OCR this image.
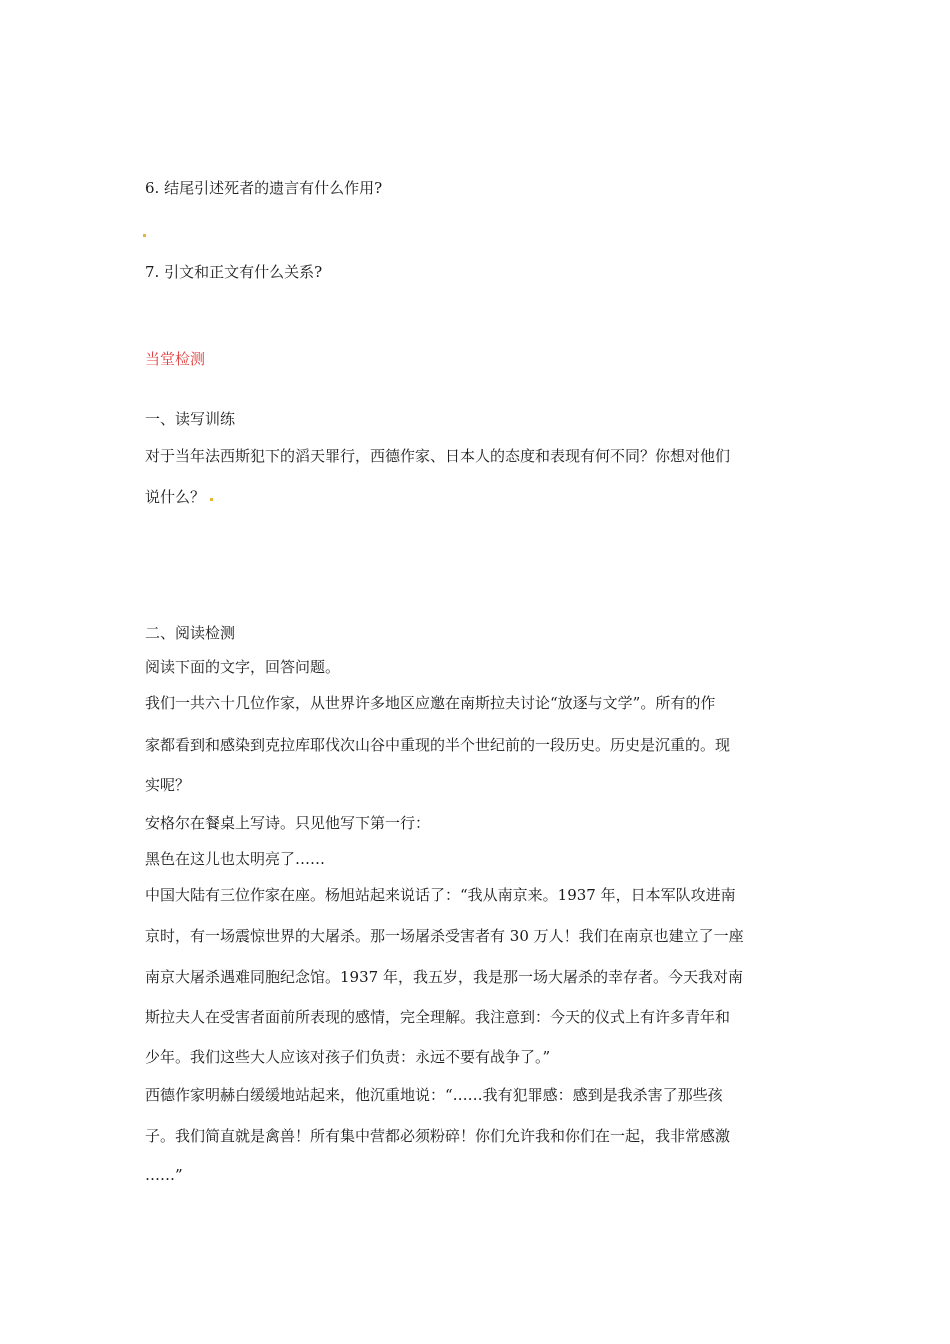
6. 结尾引述死者的遗言有什么作用?
7. 引文和正文有什么关系?
当堂检测
一、读写训练
对于当年法西斯犯下的滔天罪行，西德作家、日本人的态度和表现有何不同？你想对他们
说什么？
二、阅读检测
阅读下面的文字，回答问题。
我们一共六十几位作家，从世界许多地区应邀在南斯拉夫讨论“放逐与文学”。所有的作
家都看到和感染到克拉库耶伐次山谷中重现的半个世纪前的一段历史。历史是沉重的。现
实呢？
安格尔在餐桌上写诗。只见他写下第一行：
黑色在这儿也太明亮了……
中国大陆有三位作家在座。杨旭站起来说话了：“我从南京来。1937 年，日本军队攻进南
京时，有一场震惊世界的大屠杀。那一场屠杀受害者有 30 万人！我们在南京也建立了一座
南京大屠杀遇难同胞纪念馆。1937 年，我五岁，我是那一场大屠杀的幸存者。今天我对南
斯拉夫人在受害者面前所表现的感情，完全理解。我注意到：今天的仪式上有许多青年和
少年。我们这些大人应该对孩子们负责：永远不要有战争了。”
西德作家明赫白缓缓地站起来，他沉重地说：“……我有犯罪感：感到是我杀害了那些孩
子。我们简直就是禽兽！所有集中营都必须粉碎！你们允许我和你们在一起，我非常感激
……”
